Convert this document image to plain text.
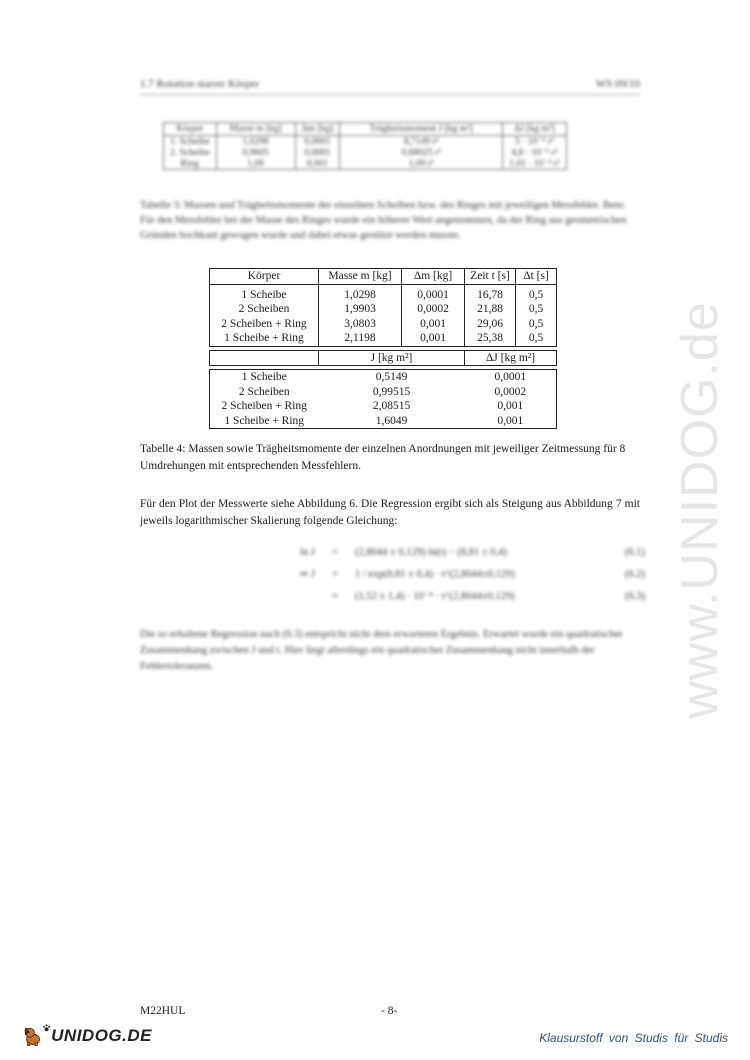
1.7 Rotation starrer Körper	WS 09/10
Körper	Masse m [kg]	Δm [kg]	Trägheitsmoment J [kg m²]	ΔJ [kg m²]
1. Scheibe	1,0298	0,0001	8,7149 r²	5 · 10⁻⁵ r²
2. Scheibe	0,9605	0,0001	0,68025 r²	4,8 · 10⁻⁵ r²
Ring	1,09	0,001	1,09 r²	1,01 · 10⁻³ r²
Tabelle 3: Massen und Trägheitsmomente der einzelnen Scheiben bzw. des Ringes mit jeweiligen Messfehler. Bem: Für den Messfehler bei der Masse des Ringes wurde ein höherer Wert angenommen, da der Ring aus geometrischen Gründen hochkant gewogen wurde und dabei etwas gestützt werden musste.
Körper	Masse m [kg]	Δm [kg]	Zeit t [s]	Δt [s]

1 Scheibe	1,0298	0,0001	16,78	0,5
2 Scheiben	1,9903	0,0002	21,88	0,5
2 Scheiben + Ring	3,0803	0,001	29,06	0,5
1 Scheibe + Ring	2,1198	0,001	25,38	0,5

	J [kg m²]		ΔJ [kg m²]	

1 Scheibe	0,5149		0,0001	
2 Scheiben	0,99515		0,0002	
2 Scheiben + Ring	2,08515		0,001	
1 Scheibe + Ring	1,6049		0,001	
Tabelle 4: Massen sowie Trägheitsmomente der einzelnen Anordnungen mit jeweiliger Zeitmessung für 8 Umdrehungen mit entsprechenden Messfehlern.
Für den Plot der Messwerte siehe Abbildung 6. Die Regression ergibt sich als Steigung aus Abbildung 7 mit jeweils logarithmischer Skalierung folgende Gleichung:
ln J	=	(2,8044 ± 0,129) ln(t) − (8,81 ± 0,4)	(6.1)
⇒ J	=	1 / exp(8,81 ± 0,4) · t^(2,8044±0,129)	(6.2)
≈	(1,52 ± 1,4) · 10⁻⁴ · t^(2,8044±0,129)	(6.3)
Die so erhaltene Regression nach (6.3) entspricht nicht dem erwarteten Ergebnis. Erwartet wurde ein quadratischer Zusammenhang zwischen J und t. Hier liegt allerdings ein quadratischer Zusammenhang nicht innerhalb der Fehlertoleranzen.	www.UNIDOG.de
M22HUL	- 8-
UNIDOG.DE	Klausurstoff von Studis für Studis
